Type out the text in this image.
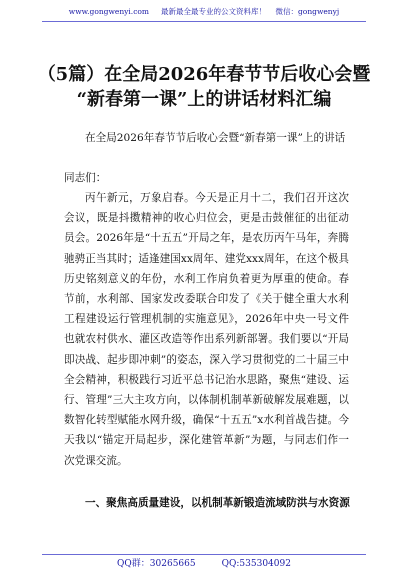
www.gongwenyi.com 最新最全最专业的公文资料库！ 微信：gongwenyj
（5篇）在全局2026年春节节后收心会暨
“新春第一课”上的讲话材料汇编
在全局2026年春节节后收心会暨“新春第一课”上的讲话
同志们：
丙午新元，万象启春。今天是正月十二，我们召开这次会议，既是抖擞精神的收心归位会，更是击鼓催征的出征动员会。2026年是“十五五”开局之年，是农历丙午马年，奔腾驰骋正当其时；适逢建国xx周年、建党xxx周年，在这个极具历史铭刻意义的年份，水利工作肩负着更为厚重的使命。春节前，水利部、国家发改委联合印发了《关于健全重大水利工程建设运行管理机制的实施意见》，2026年中央一号文件也就农村供水、灌区改造等作出系列新部署。我们要以“开局即决战、起步即冲刺”的姿态，深入学习贯彻党的二十届三中全会精神，积极践行习近平总书记治水思路，聚焦“建设、运行、管理”三大主攻方向，以体制机制革新破解发展难题，以数智化转型赋能水网升级，确保“十五五”x水利首战告捷。今天我以“锚定开局起步，深化建管革新”为题，与同志们作一次党课交流。
一、聚焦高质量建设，以机制革新锻造流域防洪与水资源
QQ群：30265665	QQ:535304092
